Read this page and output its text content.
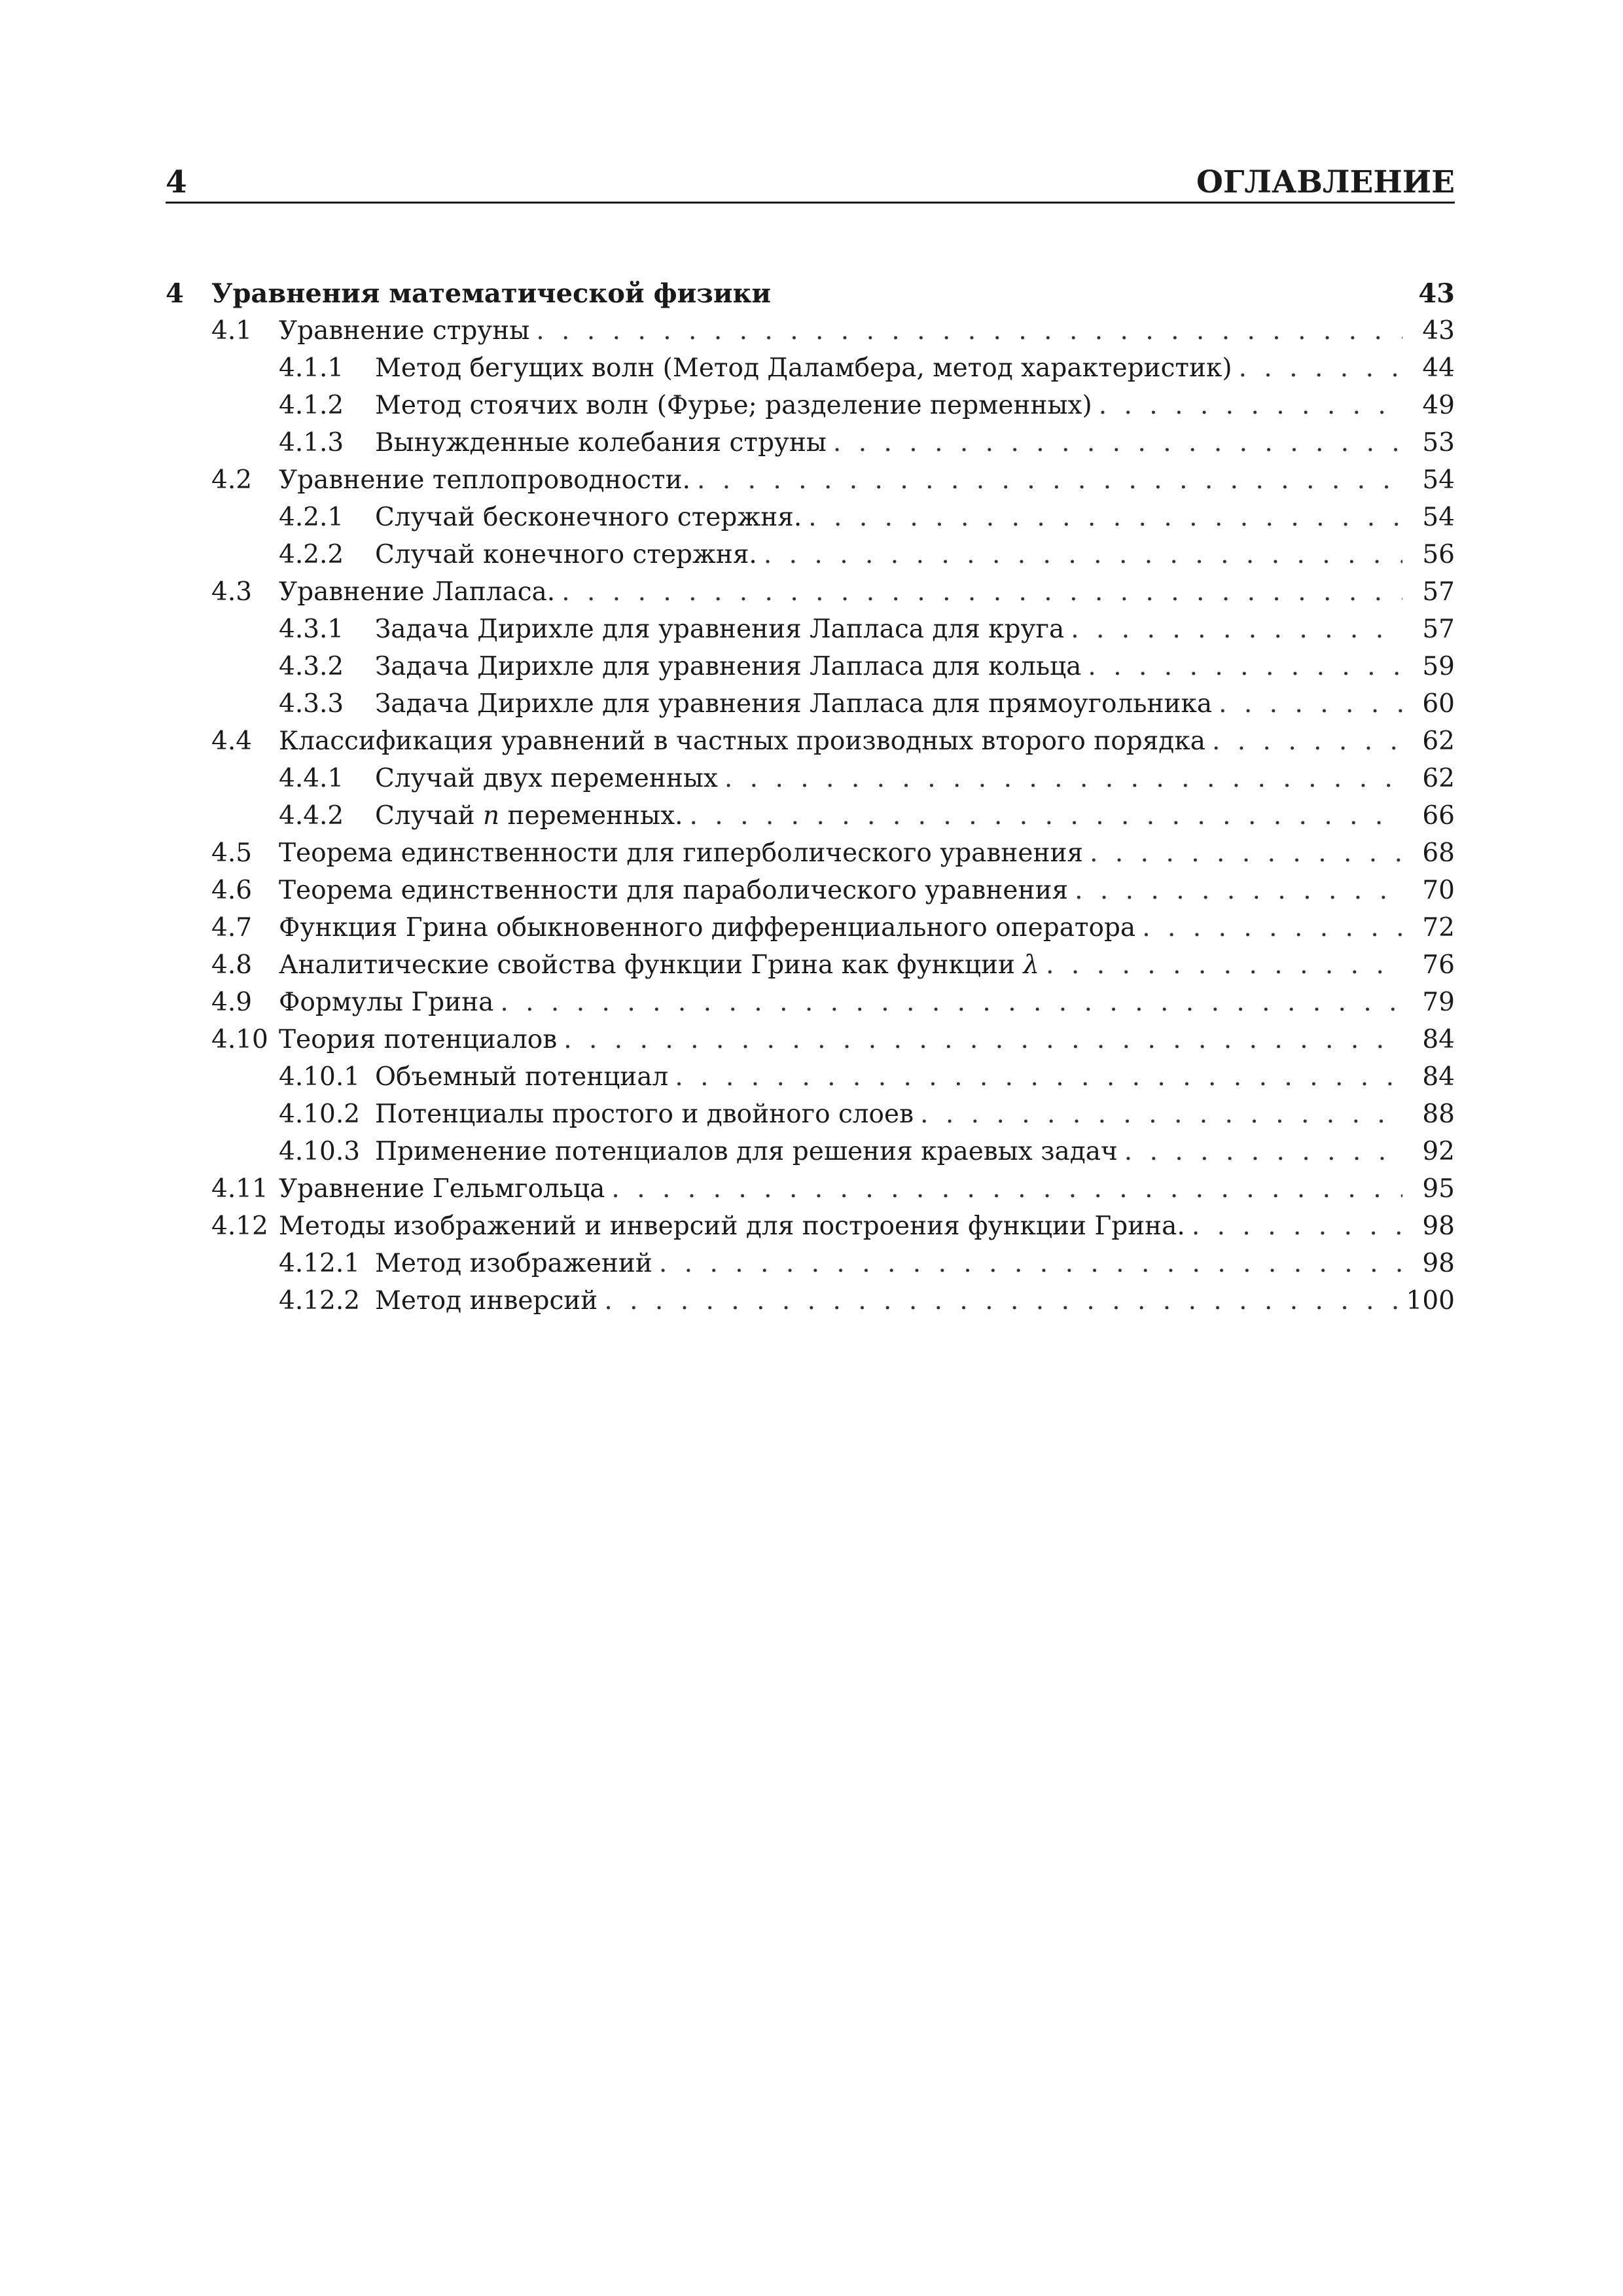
4	ОГЛАВЛЕНИЕ
4 Уравнения математической физики	43
4.1 Уравнение струны . . .	43
4.1.1 Метод бегущих волн (Метод Даламбера, метод характеристик) . . .	44
4.1.2 Метод стоячих волн (Фурье; разделение перменных) . . .	49
4.1.3 Вынужденные колебания струны . . .	53
4.2 Уравнение теплопроводности. . . .	54
4.2.1 Случай бесконечного стержня. . . .	54
4.2.2 Случай конечного стержня. . . .	56
4.3 Уравнение Лапласа. . . .	57
4.3.1 Задача Дирихле для уравнения Лапласа для круга . . .	57
4.3.2 Задача Дирихле для уравнения Лапласа для кольца . . .	59
4.3.3 Задача Дирихле для уравнения Лапласа для прямоугольника . . .	60
4.4 Классификация уравнений в частных производных второго порядка . . .	62
4.4.1 Случай двух переменных . . .	62
4.4.2 Случай n переменных. . . .	66
4.5 Теорема единственности для гиперболического уравнения . . .	68
4.6 Теорема единственности для параболического уравнения . . .	70
4.7 Функция Грина обыкновенного дифференциального оператора . . .	72
4.8 Аналитические свойства функции Грина как функции λ . . .	76
4.9 Формулы Грина . . .	79
4.10 Теория потенциалов . . .	84
4.10.1 Объемный потенциал . . .	84
4.10.2 Потенциалы простого и двойного слоев . . .	88
4.10.3 Применение потенциалов для решения краевых задач . . .	92
4.11 Уравнение Гельмгольца . . .	95
4.12 Методы изображений и инверсий для построения функции Грина. . . .	98
4.12.1 Метод изображений . . .	98
4.12.2 Метод инверсий . . .	100
